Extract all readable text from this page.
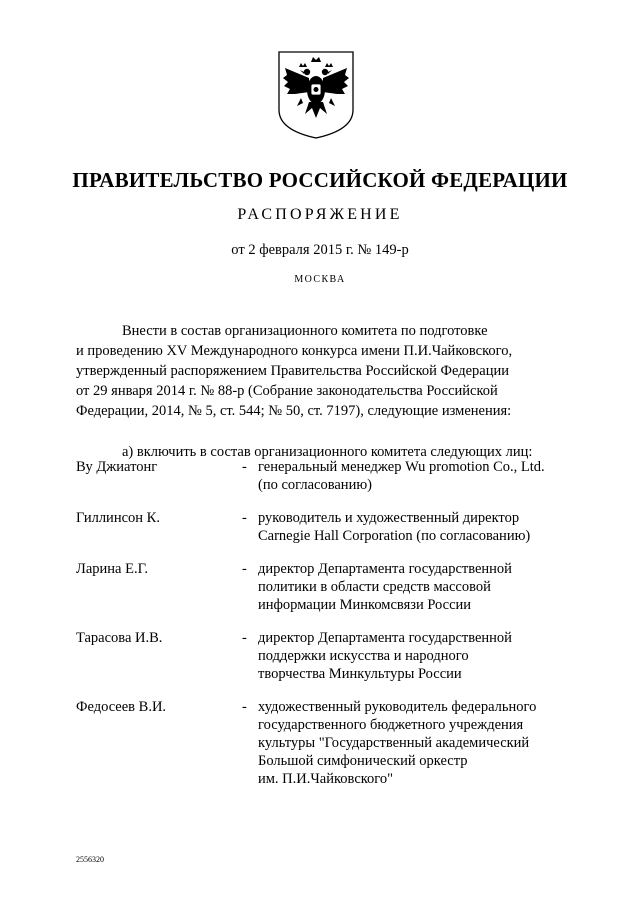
ПРАВИТЕЛЬСТВО РОССИЙСКОЙ ФЕДЕРАЦИИ
РАСПОРЯЖЕНИЕ
от 2 февраля 2015 г. № 149-р
МОСКВА
Внести в состав организационного комитета по подготовке
и проведению XV Международного конкурса имени П.И.Чайковского,
утвержденный распоряжением Правительства Российской Федерации
от 29 января 2014 г. № 88-р (Собрание законодательства Российской
Федерации, 2014, № 5, ст. 544; № 50, ст. 7197), следующие изменения:
а) включить в состав организационного комитета следующих лиц:
Ву Джиатонг	- генеральный менеджер Wu promotion Co., Ltd.
(по согласованию)
Гиллинсон К.	- руководитель и художественный директор
Carnegie Hall Corporation (по согласованию)
Ларина Е.Г.	- директор Департамента государственной
политики в области средств массовой
информации Минкомсвязи России
Тарасова И.В.	- директор Департамента государственной
поддержки искусства и народного
творчества Минкультуры России
Федосеев В.И.	- художественный руководитель федерального
государственного бюджетного учреждения
культуры "Государственный академический
Большой симфонический оркестр
им. П.И.Чайковского"
2556320
